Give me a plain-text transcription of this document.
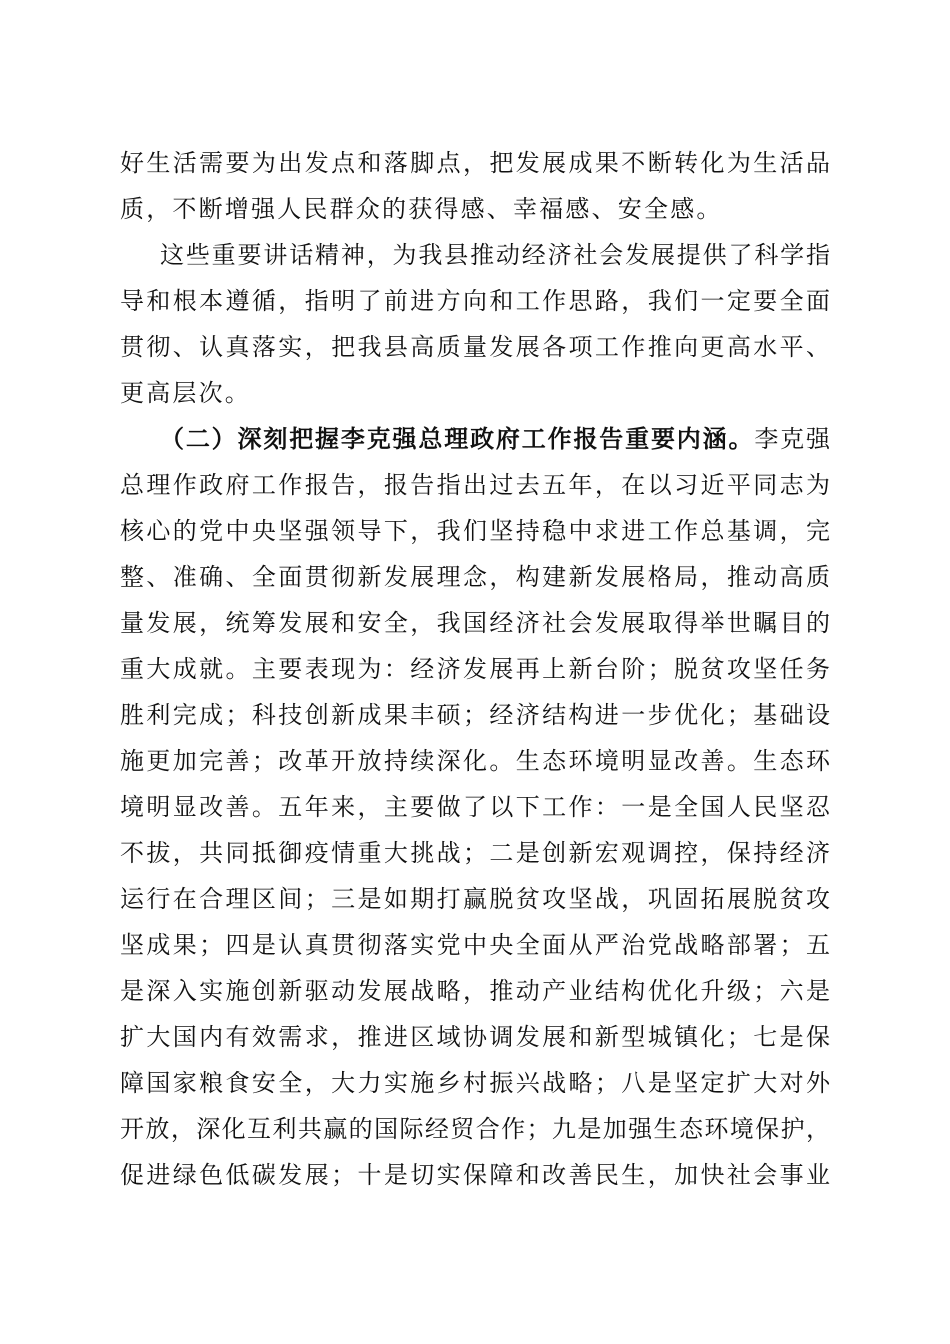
好生活需要为出发点和落脚点，把发展成果不断转化为生活品
质，不断增强人民群众的获得感、幸福感、安全感。
这些重要讲话精神，为我县推动经济社会发展提供了科学指
导和根本遵循，指明了前进方向和工作思路，我们一定要全面
贯彻、认真落实，把我县高质量发展各项工作推向更高水平、
更高层次。
（二）深刻把握李克强总理政府工作报告重要内涵。李克强
总理作政府工作报告，报告指出过去五年，在以习近平同志为
核心的党中央坚强领导下，我们坚持稳中求进工作总基调，完
整、准确、全面贯彻新发展理念，构建新发展格局，推动高质
量发展，统筹发展和安全，我国经济社会发展取得举世瞩目的
重大成就。主要表现为：经济发展再上新台阶；脱贫攻坚任务
胜利完成；科技创新成果丰硕；经济结构进一步优化；基础设
施更加完善；改革开放持续深化。生态环境明显改善。生态环
境明显改善。五年来，主要做了以下工作：一是全国人民坚忍
不拔，共同抵御疫情重大挑战；二是创新宏观调控，保持经济
运行在合理区间；三是如期打赢脱贫攻坚战，巩固拓展脱贫攻
坚成果；四是认真贯彻落实党中央全面从严治党战略部署；五
是深入实施创新驱动发展战略，推动产业结构优化升级；六是
扩大国内有效需求，推进区域协调发展和新型城镇化；七是保
障国家粮食安全，大力实施乡村振兴战略；八是坚定扩大对外
开放，深化互利共赢的国际经贸合作；九是加强生态环境保护，
促进绿色低碳发展；十是切实保障和改善民生，加快社会事业
